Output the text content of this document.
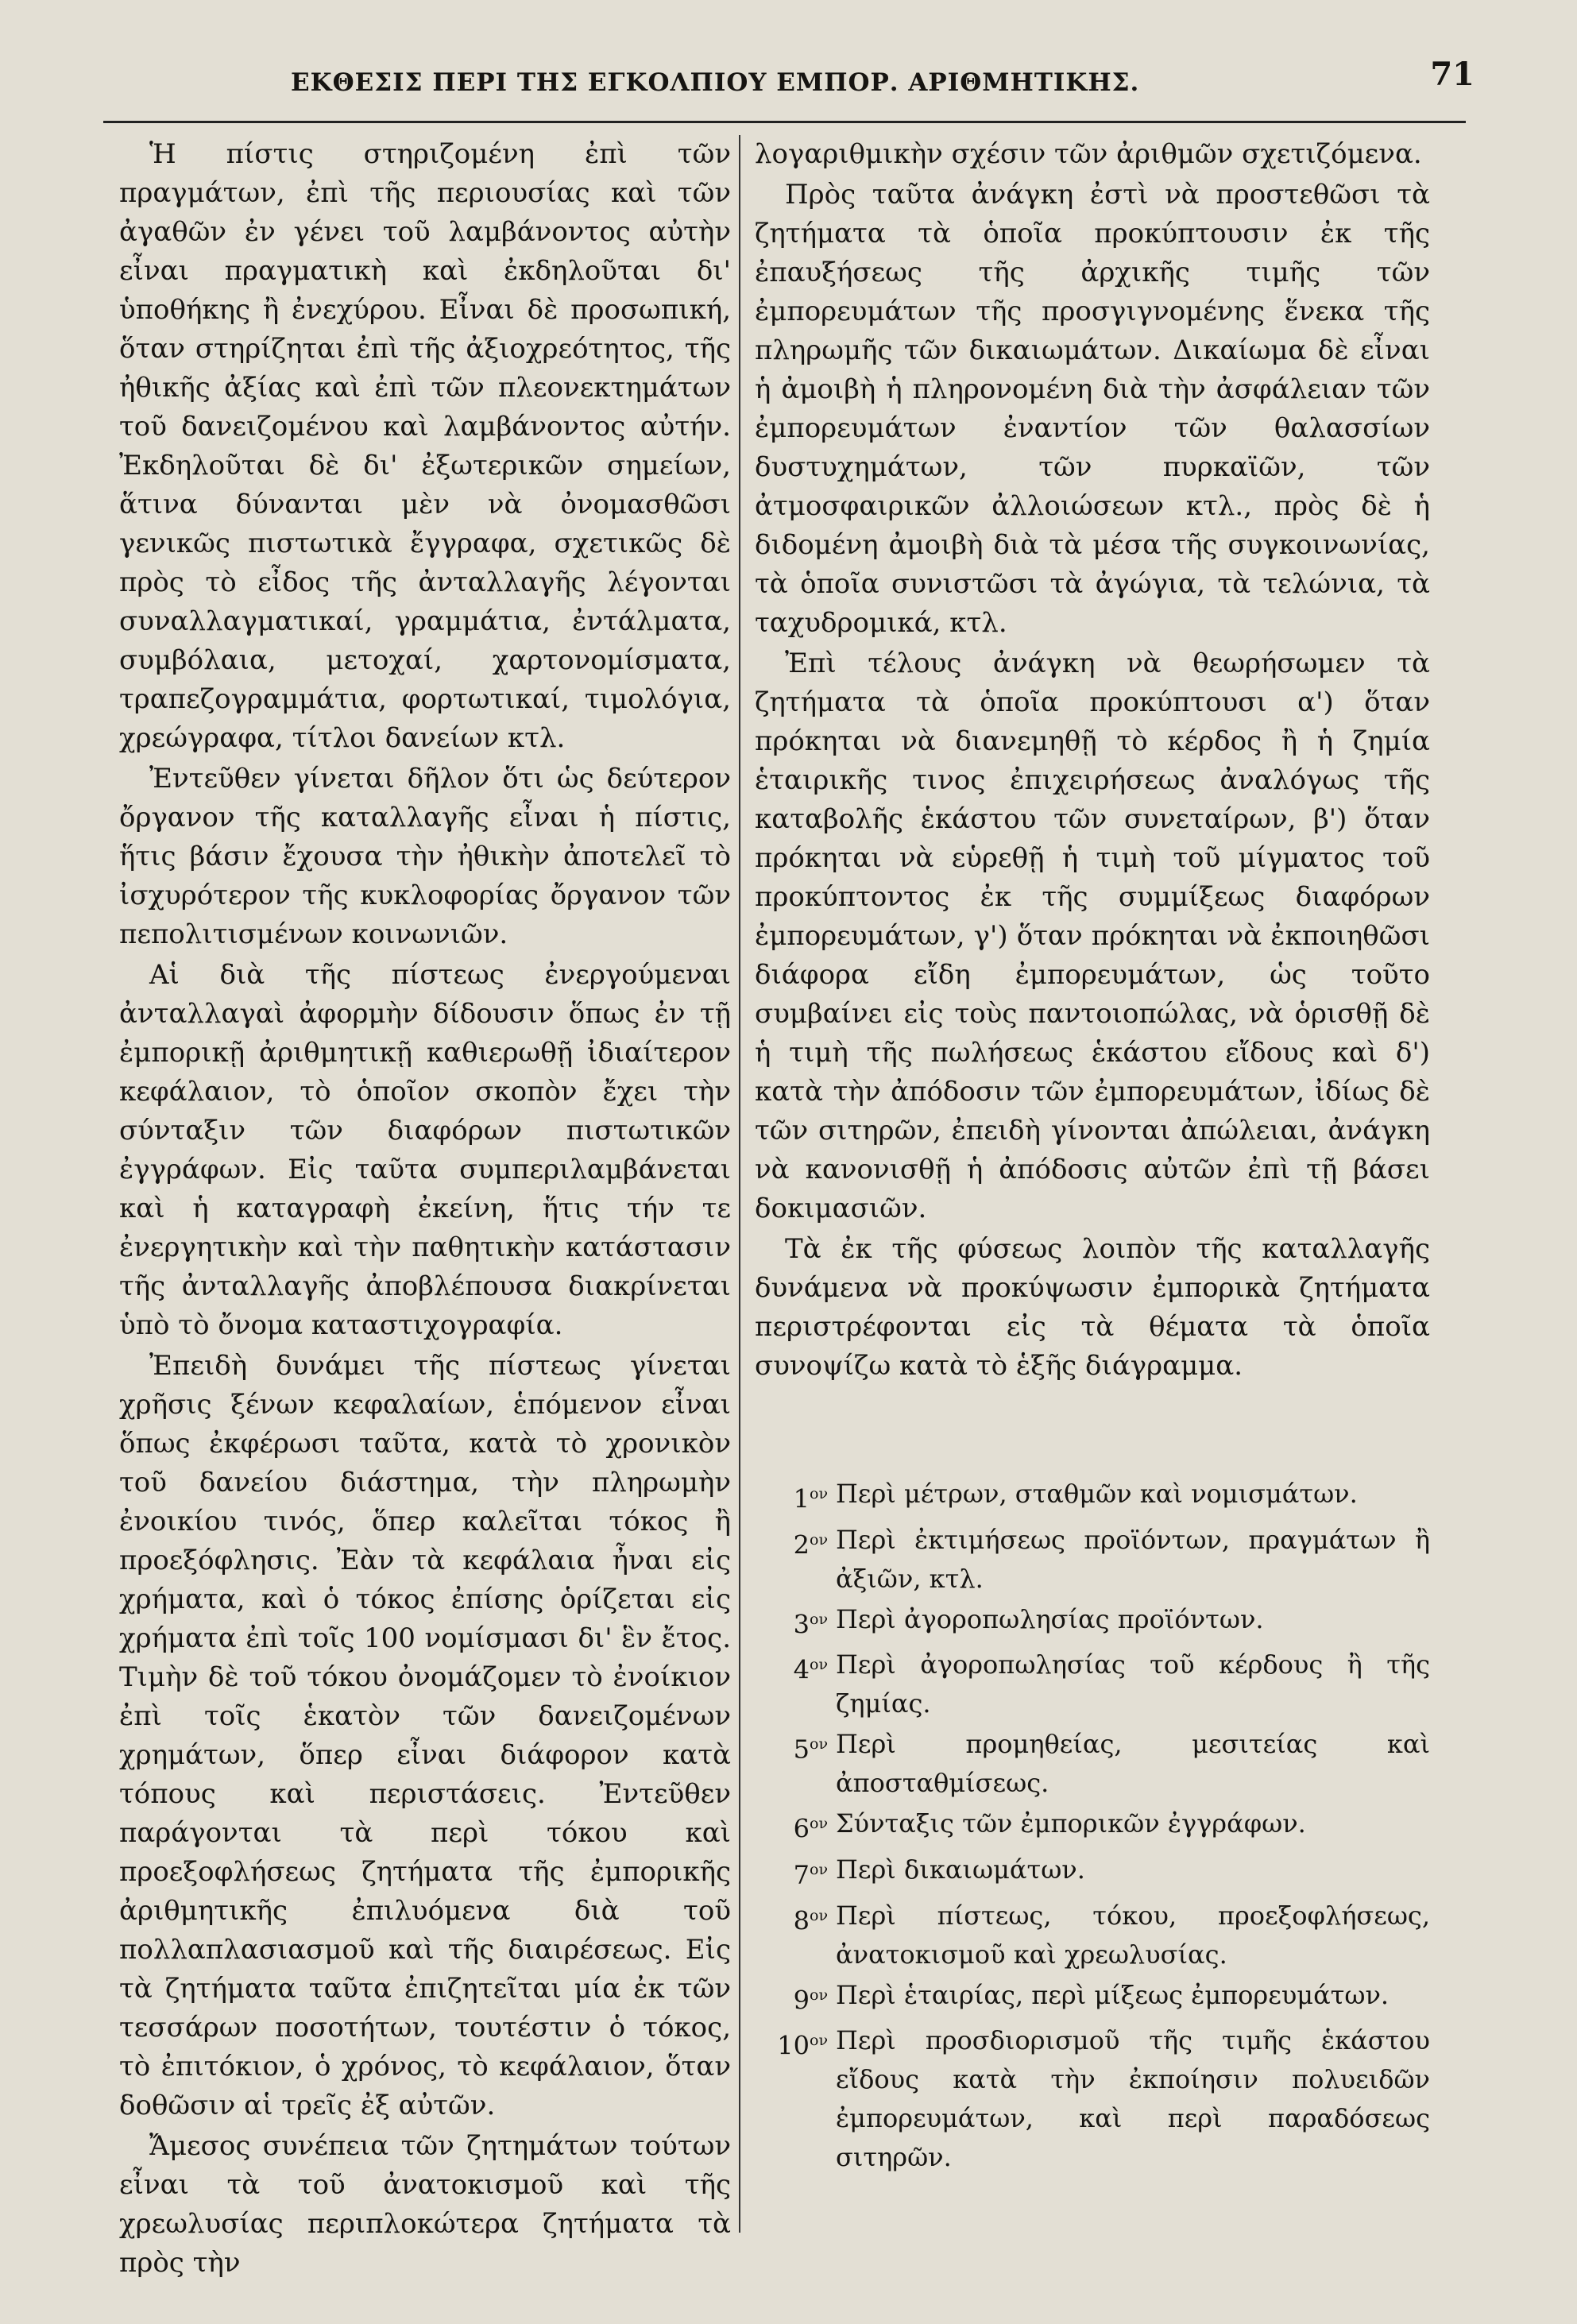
ΕΚΘΕΣΙΣ ΠΕΡΙ ΤΗΣ ΕΓΚΟΛΠΙΟΥ ΕΜΠΟΡ. ΑΡΙΘΜΗΤΙΚΗΣ.	71

Ἡ πίστις στηριζομένη ἐπὶ τῶν πραγμάτων, ἐπὶ τῆς περιουσίας καὶ τῶν ἀγαθῶν ἐν γένει τοῦ λαμβάνοντος αὐτὴν εἶναι πραγματικὴ καὶ ἐκδηλοῦται δι' ὑποθήκης ἢ ἐνεχύρου. Εἶναι δὲ προσωπική, ὅταν στηρίζηται ἐπὶ τῆς ἀξιοχρεότητος, τῆς ἠθικῆς ἀξίας καὶ ἐπὶ τῶν πλεονεκτημάτων τοῦ δανειζομένου καὶ λαμβάνοντος αὐτήν. Ἐκδηλοῦται δὲ δι' ἐξωτερικῶν σημείων, ἅτινα δύνανται μὲν νὰ ὀνομασθῶσι γενικῶς πιστωτικὰ ἔγγραφα, σχετικῶς δὲ πρὸς τὸ εἶδος τῆς ἀνταλλαγῆς λέγονται συναλλαγματικαί, γραμμάτια, ἐντάλματα, συμβόλαια, μετοχαί, χαρτονομίσματα, τραπεζογραμμάτια, φορτωτικαί, τιμολόγια, χρεώγραφα, τίτλοι δανείων κτλ.

Ἐντεῦθεν γίνεται δῆλον ὅτι ὡς δεύτερον ὄργανον τῆς καταλλαγῆς εἶναι ἡ πίστις, ἥτις βάσιν ἔχουσα τὴν ἠθικὴν ἀποτελεῖ τὸ ἰσχυρότερον τῆς κυκλοφορίας ὄργανον τῶν πεπολιτισμένων κοινωνιῶν.

Αἱ διὰ τῆς πίστεως ἐνεργούμεναι ἀνταλλαγαὶ ἀφορμὴν δίδουσιν ὅπως ἐν τῇ ἐμπορικῇ ἀριθμητικῇ καθιερωθῇ ἰδιαίτερον κεφάλαιον, τὸ ὁποῖον σκοπὸν ἔχει τὴν σύνταξιν τῶν διαφόρων πιστωτικῶν ἐγγράφων. Εἰς ταῦτα συμπεριλαμβάνεται καὶ ἡ καταγραφὴ ἐκείνη, ἥτις τήν τε ἐνεργητικὴν καὶ τὴν παθητικὴν κατάστασιν τῆς ἀνταλλαγῆς ἀποβλέπουσα διακρίνεται ὑπὸ τὸ ὄνομα καταστιχογραφία.

Ἐπειδὴ δυνάμει τῆς πίστεως γίνεται χρῆσις ξένων κεφαλαίων, ἑπόμενον εἶναι ὅπως ἐκφέρωσι ταῦτα, κατὰ τὸ χρονικὸν τοῦ δανείου διάστημα, τὴν πληρωμὴν ἐνοικίου τινός, ὅπερ καλεῖται τόκος ἢ προεξόφλησις. Ἐὰν τὰ κεφάλαια ἦναι εἰς χρήματα, καὶ ὁ τόκος ἐπίσης ὁρίζεται εἰς χρήματα ἐπὶ τοῖς 100 νομίσμασι δι' ἓν ἔτος. Τιμὴν δὲ τοῦ τόκου ὀνομάζομεν τὸ ἐνοίκιον ἐπὶ τοῖς ἑκατὸν τῶν δανειζομένων χρημάτων, ὅπερ εἶναι διάφορον κατὰ τόπους καὶ περιστάσεις. Ἐντεῦθεν παράγονται τὰ περὶ τόκου καὶ προεξοφλήσεως ζητήματα τῆς ἐμπορικῆς ἀριθμητικῆς ἐπιλυόμενα διὰ τοῦ πολλαπλασιασμοῦ καὶ τῆς διαιρέσεως. Εἰς τὰ ζητήματα ταῦτα ἐπιζητεῖται μία ἐκ τῶν τεσσάρων ποσοτήτων, τουτέστιν ὁ τόκος, τὸ ἐπιτόκιον, ὁ χρόνος, τὸ κεφάλαιον, ὅταν δοθῶσιν αἱ τρεῖς ἐξ αὐτῶν.

Ἄμεσος συνέπεια τῶν ζητημάτων τούτων εἶναι τὰ τοῦ ἀνατοκισμοῦ καὶ τῆς χρεωλυσίας περιπλοκώτερα ζητήματα τὰ πρὸς τὴν

λογαριθμικὴν σχέσιν τῶν ἀριθμῶν σχετιζόμενα.

Πρὸς ταῦτα ἀνάγκη ἐστὶ νὰ προστεθῶσι τὰ ζητήματα τὰ ὁποῖα προκύπτουσιν ἐκ τῆς ἐπαυξήσεως τῆς ἀρχικῆς τιμῆς τῶν ἐμπορευμάτων τῆς προσγιγνομένης ἕνεκα τῆς πληρωμῆς τῶν δικαιωμάτων. Δικαίωμα δὲ εἶναι ἡ ἀμοιβὴ ἡ πληρονομένη διὰ τὴν ἀσφάλειαν τῶν ἐμπορευμάτων ἐναντίον τῶν θαλασσίων δυστυχημάτων, τῶν πυρκαϊῶν, τῶν ἀτμοσφαιρικῶν ἀλλοιώσεων κτλ., πρὸς δὲ ἡ διδομένη ἀμοιβὴ διὰ τὰ μέσα τῆς συγκοινωνίας, τὰ ὁποῖα συνιστῶσι τὰ ἀγώγια, τὰ τελώνια, τὰ ταχυδρομικά, κτλ.

Ἐπὶ τέλους ἀνάγκη νὰ θεωρήσωμεν τὰ ζητήματα τὰ ὁποῖα προκύπτουσι α') ὅταν πρόκηται νὰ διανεμηθῇ τὸ κέρδος ἢ ἡ ζημία ἑταιρικῆς τινος ἐπιχειρήσεως ἀναλόγως τῆς καταβολῆς ἑκάστου τῶν συνεταίρων, β') ὅταν πρόκηται νὰ εὑρεθῇ ἡ τιμὴ τοῦ μίγματος τοῦ προκύπτοντος ἐκ τῆς συμμίξεως διαφόρων ἐμπορευμάτων, γ') ὅταν πρόκηται νὰ ἐκποιηθῶσι διάφορα εἴδη ἐμπορευμάτων, ὡς τοῦτο συμβαίνει εἰς τοὺς παντοιοπώλας, νὰ ὁρισθῇ δὲ ἡ τιμὴ τῆς πωλήσεως ἑκάστου εἴδους καὶ δ') κατὰ τὴν ἀπόδοσιν τῶν ἐμπορευμάτων, ἰδίως δὲ τῶν σιτηρῶν, ἐπειδὴ γίνονται ἀπώλειαι, ἀνάγκη νὰ κανονισθῇ ἡ ἀπόδοσις αὐτῶν ἐπὶ τῇ βάσει δοκιμασιῶν.

Τὰ ἐκ τῆς φύσεως λοιπὸν τῆς καταλλαγῆς δυνάμενα νὰ προκύψωσιν ἐμπορικὰ ζητήματα περιστρέφονται εἰς τὰ θέματα τὰ ὁποῖα συνοψίζω κατὰ τὸ ἑξῆς διάγραμμα.

$1^{o\nu}$ Περὶ μέτρων, σταθμῶν καὶ νομισμάτων.
$2^{o\nu}$ Περὶ ἐκτιμήσεως προϊόντων, πραγμάτων ἢ ἀξιῶν, κτλ.
$3^{o\nu}$ Περὶ ἀγοροπωλησίας προϊόντων.
$4^{o\nu}$ Περὶ ἀγοροπωλησίας τοῦ κέρδους ἢ τῆς ζημίας.
$5^{o\nu}$ Περὶ προμηθείας, μεσιτείας καὶ ἀποσταθμίσεως.
$6^{o\nu}$ Σύνταξις τῶν ἐμπορικῶν ἐγγράφων.
$7^{o\nu}$ Περὶ δικαιωμάτων.
$8^{o\nu}$ Περὶ πίστεως, τόκου, προεξοφλήσεως, ἀνατοκισμοῦ καὶ χρεωλυσίας.
$9^{o\nu}$ Περὶ ἑταιρίας, περὶ μίξεως ἐμπορευμάτων.
$10^{o\nu}$ Περὶ προσδιορισμοῦ τῆς τιμῆς ἑκάστου εἴδους κατὰ τὴν ἐκποίησιν πολυειδῶν ἐμπορευμάτων, καὶ περὶ παραδόσεως σιτηρῶν.
